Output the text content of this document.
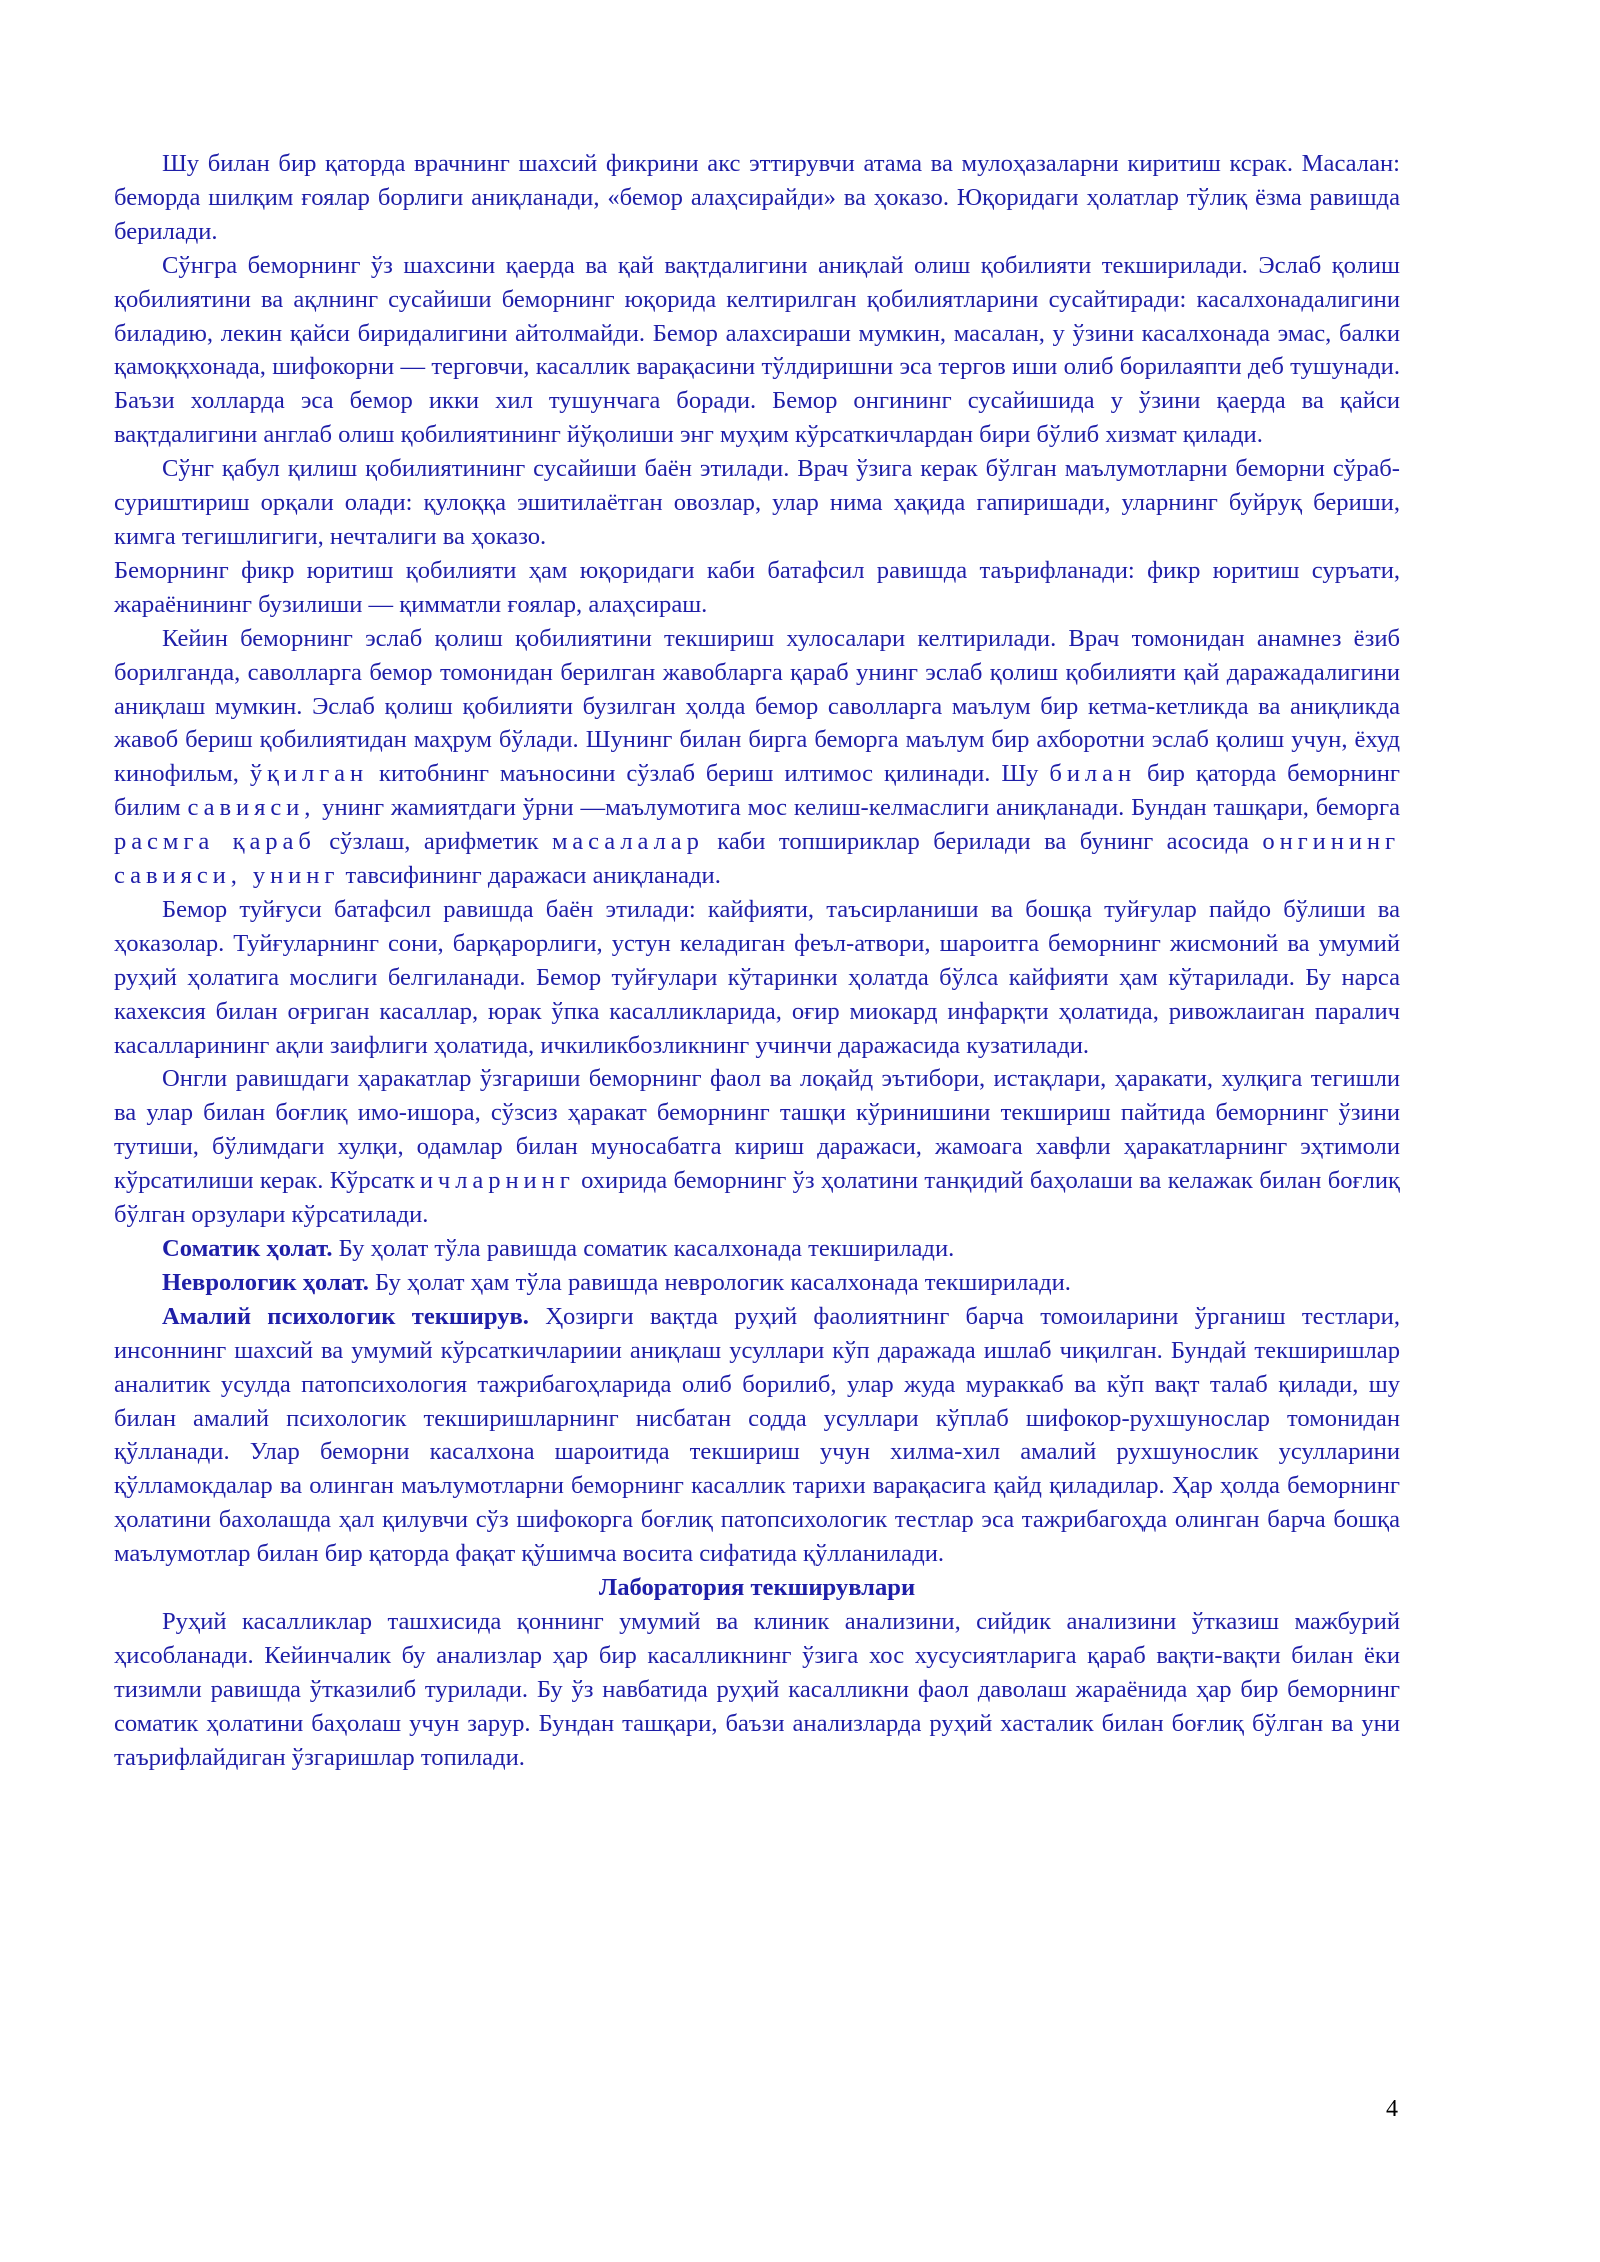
Шу билан бир қаторда врачнинг шахсий фикрини акс эттирувчи атама ва мулоҳазаларни киритиш ксрак. Масалан: беморда шилқим ғоялар борлиги аниқланади, «бемор алаҳсирайди» ва ҳоказо. Юқоридаги ҳолатлар тўлиқ ёзма равишда берилади.

Сўнгра беморнинг ўз шахсини қаерда ва қай вақтдалигини аниқлай олиш қобилияти текширилади. Эслаб қолиш қобилиятини ва ақлнинг сусайиши беморнинг юқорида келтирилган қобилиятларини сусайтиради: касалхонадалигини биладию, лекин қайси биридалигини айтолмайди. Бемор алахсираши мумкин, масалан, у ўзини касалхонада эмас, балки қамоққхонада, шифокорни — терговчи, касаллик варақасини тўлдиришни эса тергов иши олиб борилаяпти деб тушунади. Баъзи холларда эса бемор икки хил тушунчага боради. Бемор онгининг сусайишида у ўзини қаерда ва қайси вақтдалигини англаб олиш қобилиятининг йўқолиши энг муҳим кўрсаткичлардан бири бўлиб хизмат қилади.

Сўнг қабул қилиш қобилиятининг сусайиши баён этилади. Врач ўзига керак бўлган маълумотларни беморни сўраб-суриштириш орқали олади: қулоққа эшитилаётган овозлар, улар нима ҳақида гапиришади, уларнинг буйруқ бериши, кимга тегишлигиги, нечталиги ва ҳоказо.

Беморнинг фикр юритиш қобилияти ҳам юқоридаги каби батафсил равишда таърифланади: фикр юритиш суръати, жараёнининг бузилиши — қимматли ғоялар, алаҳсираш.

Кейин беморнинг эслаб қолиш қобилиятини текшириш хулосалари келтирилади. Врач томонидан анамнез ёзиб борилганда, саволларга бемор томонидан берилган жавобларга қараб унинг эслаб қолиш қобилияти қай даражадалигини аниқлаш мумкин. Эслаб қолиш қобилияти бузилган ҳолда бемор саволларга маълум бир кетма-кетликда ва аниқликда жавоб бериш қобилиятидан маҳрум бўлади. Шунинг билан бирга беморга маълум бир ахборотни эслаб қолиш учун, ёхуд кинофильм, ўқилган китобнинг маъносини сўзлаб бериш илтимос қилинади. Шу билан бир қаторда беморнинг билим савияси, унинг жамиятдаги ўрни —маълумотига мос келиш-келмаслиги аниқланади. Бундан ташқари, беморга расмга қараб сўзлаш, арифметик масалалар каби топшириклар берилади ва бунинг асосида онгининг савияси, унинг тавсифининг даражаси аниқланади.

Бемор туйғуси батафсил равишда баён этилади: кайфияти, таъсирланиши ва бошқа туйғулар пайдо бўлиши ва ҳоказолар. Туйғуларнинг сони, барқарорлиги, устун келадиган феъл-атвори, шароитга беморнинг жисмоний ва умумий руҳий ҳолатига мослиги белгиланади. Бемор туйғулари кўтаринки ҳолатда бўлса кайфияти ҳам кўтарилади. Бу нарса кахексия билан оғриган касаллар, юрак ўпка касалликларида, оғир миокард инфарқти ҳолатида, ривожлаиган паралич касалларининг ақли заифлиги ҳолатида, ичкиликбозликнинг учинчи даражасида кузатилади.

Онгли равишдаги ҳаракатлар ўзгариши беморнинг фаол ва лоқайд эътибори, истақлари, ҳаракати, хулқига тегишли ва улар билан боғлиқ имо-ишора, сўзсиз ҳаракат беморнинг ташқи кўринишини текшириш пайтида беморнинг ўзини тутиши, бўлимдаги хулқи, одамлар билан муносабатга кириш даражаси, жамоага хавфли ҳаракатларнинг эҳтимоли кўрсатилиши керак. Кўрсаткичларнинг охирида беморнинг ўз ҳолатини танқидий баҳолаши ва келажак билан боғлиқ бўлган орзулари кўрсатилади.

Соматик ҳолат. Бу ҳолат тўла равишда соматик касалхонада текширилади.

Неврологик ҳолат. Бу ҳолат ҳам тўла равишда неврологик касалхонада текширилади.

Амалий психологик текширув. Ҳозирги вақтда руҳий фаолиятнинг барча томоиларини ўрганиш тестлари, инсоннинг шахсий ва умумий кўрсаткичлариии аниқлаш усуллари кўп даражада ишлаб чиқилган. Бундай текширишлар аналитик усулда патопсихология тажрибагоҳларида олиб борилиб, улар жуда мураккаб ва кўп вақт талаб қилади, шу билан амалий психологик текширишларнинг нисбатан содда усуллари кўплаб шифокор-рухшунослар томонидан қўлланади. Улар беморни касалхона шароитида текшириш учун хилма-хил амалий рухшунослик усулларини қўлламокдалар ва олинган маълумотларни беморнинг касаллик тарихи варақасига қайд қиладилар. Ҳар ҳолда беморнинг ҳолатини бахолашда ҳал қилувчи сўз шифокорга боғлиқ патопсихологик тестлар эса тажрибагоҳда олинган барча бошқа маълумотлар билан бир қаторда фақат қўшимча восита сифатида қўлланилади.

Лаборатория текширувлари

Руҳий касалликлар ташхисида қоннинг умумий ва клиник анализини, сийдик анализини ўтказиш мажбурий ҳисобланади. Кейинчалик бу анализлар ҳар бир касалликнинг ўзига хос хусусиятларига қараб вақти-вақти билан ёки тизимли равишда ўтказилиб турилади. Бу ўз навбатида руҳий касалликни фаол даволаш жараёнида ҳар бир беморнинг соматик ҳолатини баҳолаш учун зарур. Бундан ташқари, баъзи анализларда руҳий хасталик билан боғлиқ бўлган ва уни таърифлайдиган ўзгаришлар топилади.

4
